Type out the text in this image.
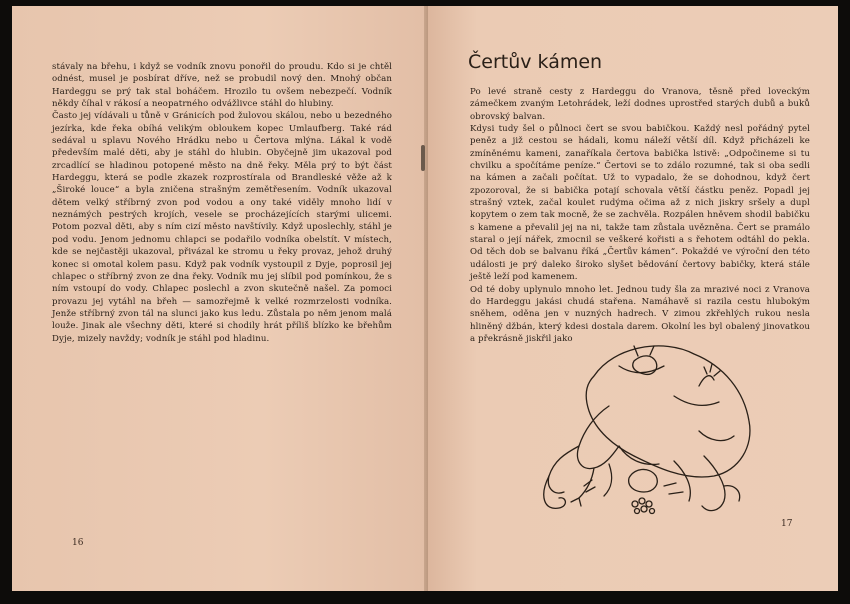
stávaly na břehu, i když se vodník znovu ponořil do proudu. Kdo si je chtěl odnést, musel je posbírat dříve, než se probudil nový den. Mnohý občan Hardeggu se prý tak stal boháčem. Hrozilo tu ovšem nebezpečí. Vodník někdy číhal v rákosí a neopatrného odvážlivce stáhl do hlubiny.

Často jej vídávali u tůně v Gránicích pod žulovou skálou, nebo u bezedného jezírka, kde řeka obíhá velikým obloukem kopec Umlaufberg. Také rád sedával u splavu Nového Hrádku nebo u Čertova mlýna. Lákal k vodě především malé děti, aby je stáhl do hlubin. Obyčejně jim ukazoval pod zrcadlící se hladinou potopené město na dně řeky. Měla prý to být část Hardeggu, která se podle zkazek rozprostírala od Brandleské věže až k „Široké louce“ a byla zničena strašným zemětřesením. Vodník ukazoval dětem velký stříbrný zvon pod vodou a ony také viděly mnoho lidí v neznámých pestrých krojích, vesele se procházejících starými ulicemi. Potom pozval děti, aby s ním cizí město navštívily. Když uposlechly, stáhl je pod vodu. Jenom jednomu chlapci se podařilo vodníka obelstít. V místech, kde se nejčastěji ukazoval, přivázal ke stromu u řeky provaz, jehož druhý konec si omotal kolem pasu. Když pak vodník vystoupil z Dyje, poprosil jej chlapec o stříbrný zvon ze dna řeky. Vodník mu jej slíbil pod pomínkou, že s ním vstoupí do vody. Chlapec poslechl a zvon skutečně našel. Za pomoci provazu jej vytáhl na břeh — samozřejmě k velké rozmrzelosti vodníka. Jenže stříbrný zvon tál na slunci jako kus ledu. Zůstala po něm jenom malá louže. Jinak ale všechny děti, které si chodily hrát příliš blízko ke břehům Dyje, mizely navždy; vodník je stáhl pod hladinu.

16
Čertův kámen

Po levé straně cesty z Hardeggu do Vranova, těsně před loveckým zámečkem zvaným Letohrádek, leží dodnes uprostřed starých dubů a buků obrovský balvan.

Kdysi tudy šel o půlnoci čert se svou babičkou. Každý nesl pořádný pytel peněz a již cestou se hádali, komu náleží větší díl. Když přicházeli ke zmíněnému kameni, zanaříkala čertova babička lstivě: „Odpočineme si tu chvilku a spočítáme peníze.“ Čertovi se to zdálo rozumné, tak si oba sedli na kámen a začali počítat. Už to vypadalo, že se dohodnou, když čert zpozoroval, že si babička potají schovala větší částku peněz. Popadl jej strašný vztek, začal koulet rudýma očima až z nich jiskry sršely a dupl kopytem o zem tak mocně, že se zachvěla. Rozpálen hněvem shodil babičku s kamene a převalil jej na ni, takže tam zůstala uvězněna. Čert se pramálo staral o její nářek, zmocnil se veškeré kořisti a s řehotem odtáhl do pekla. Od těch dob se balvanu říká „Čertův kámen“. Pokaždé ve výroční den této události je prý daleko široko slyšet bědování čertovy babičky, která stále ještě leží pod kamenem.

Od té doby uplynulo mnoho let. Jednou tudy šla za mrazivé noci z Vranova do Hardeggu jakási chudá stařena. Namáhavě si razila cestu hlubokým sněhem, oděna jen v nuzných hadrech. V zimou zkřehlých rukou nesla hliněný džbán, který kdesi dostala darem. Okolní les byl obalený jinovatkou a překrásně jiskřil jako

17
